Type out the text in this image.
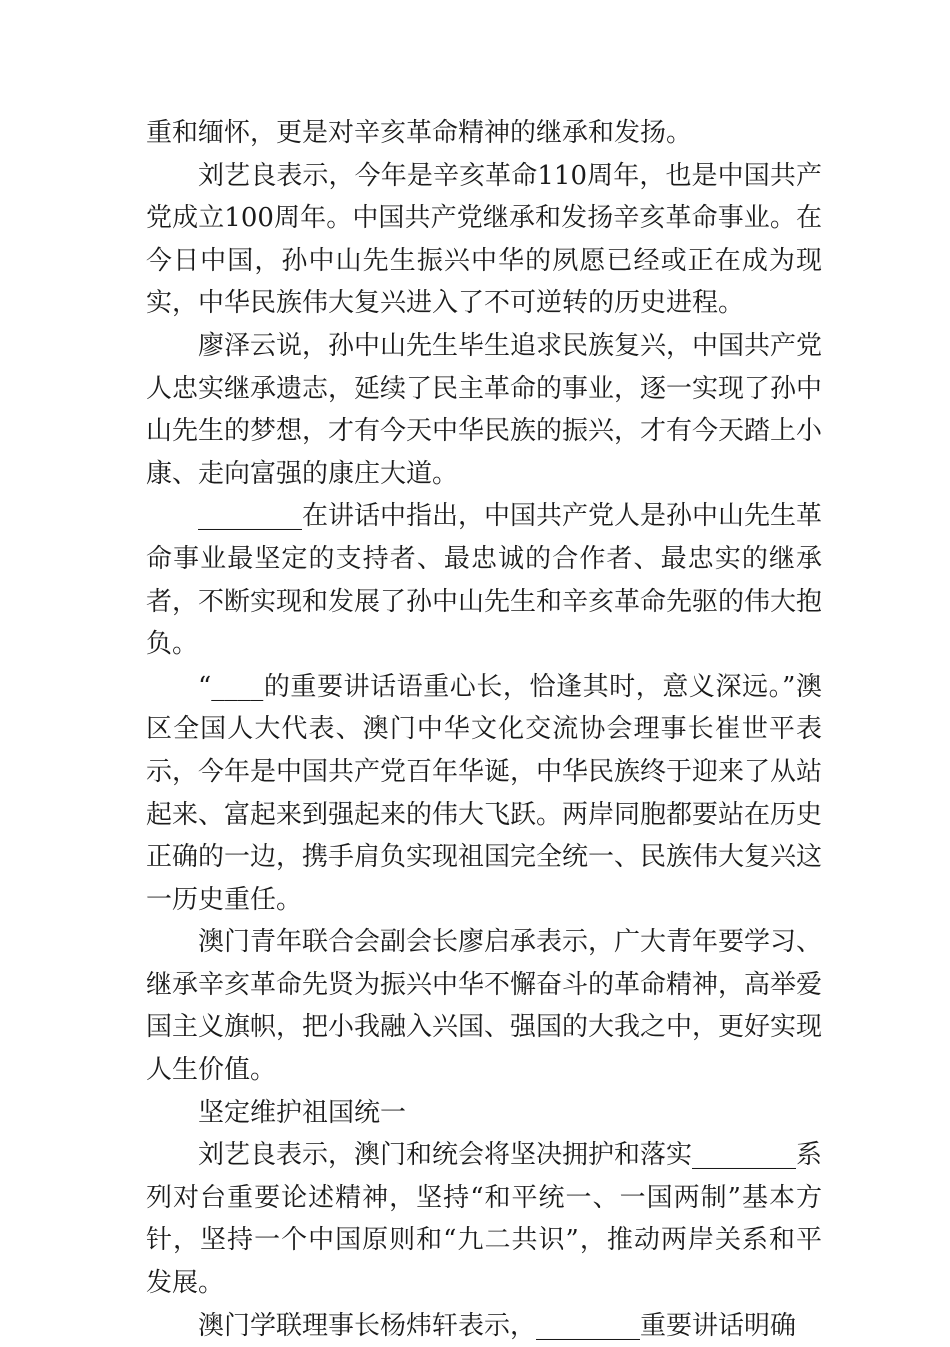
重和缅怀，更是对辛亥革命精神的继承和发扬。

刘艺良表示，今年是辛亥革命110周年，也是中国共产党成立100周年。中国共产党继承和发扬辛亥革命事业。在今日中国，孙中山先生振兴中华的夙愿已经或正在成为现实，中华民族伟大复兴进入了不可逆转的历史进程。

廖泽云说，孙中山先生毕生追求民族复兴，中国共产党人忠实继承遗志，延续了民主革命的事业，逐一实现了孙中山先生的梦想，才有今天中华民族的振兴，才有今天踏上小康、走向富强的康庄大道。

________在讲话中指出，中国共产党人是孙中山先生革命事业最坚定的支持者、最忠诚的合作者、最忠实的继承者，不断实现和发展了孙中山先生和辛亥革命先驱的伟大抱负。

“____的重要讲话语重心长，恰逢其时，意义深远。”澳区全国人大代表、澳门中华文化交流协会理事长崔世平表示，今年是中国共产党百年华诞，中华民族终于迎来了从站起来、富起来到强起来的伟大飞跃。两岸同胞都要站在历史正确的一边，携手肩负实现祖国完全统一、民族伟大复兴这一历史重任。

澳门青年联合会副会长廖启承表示，广大青年要学习、继承辛亥革命先贤为振兴中华不懈奋斗的革命精神，高举爱国主义旗帜，把小我融入兴国、强国的大我之中，更好实现人生价值。

坚定维护祖国统一

刘艺良表示，澳门和统会将坚决拥护和落实________系列对台重要论述精神，坚持“和平统一、一国两制”基本方针，坚持一个中国原则和“九二共识”，推动两岸关系和平发展。

澳门学联理事长杨炜轩表示，________重要讲话明确
